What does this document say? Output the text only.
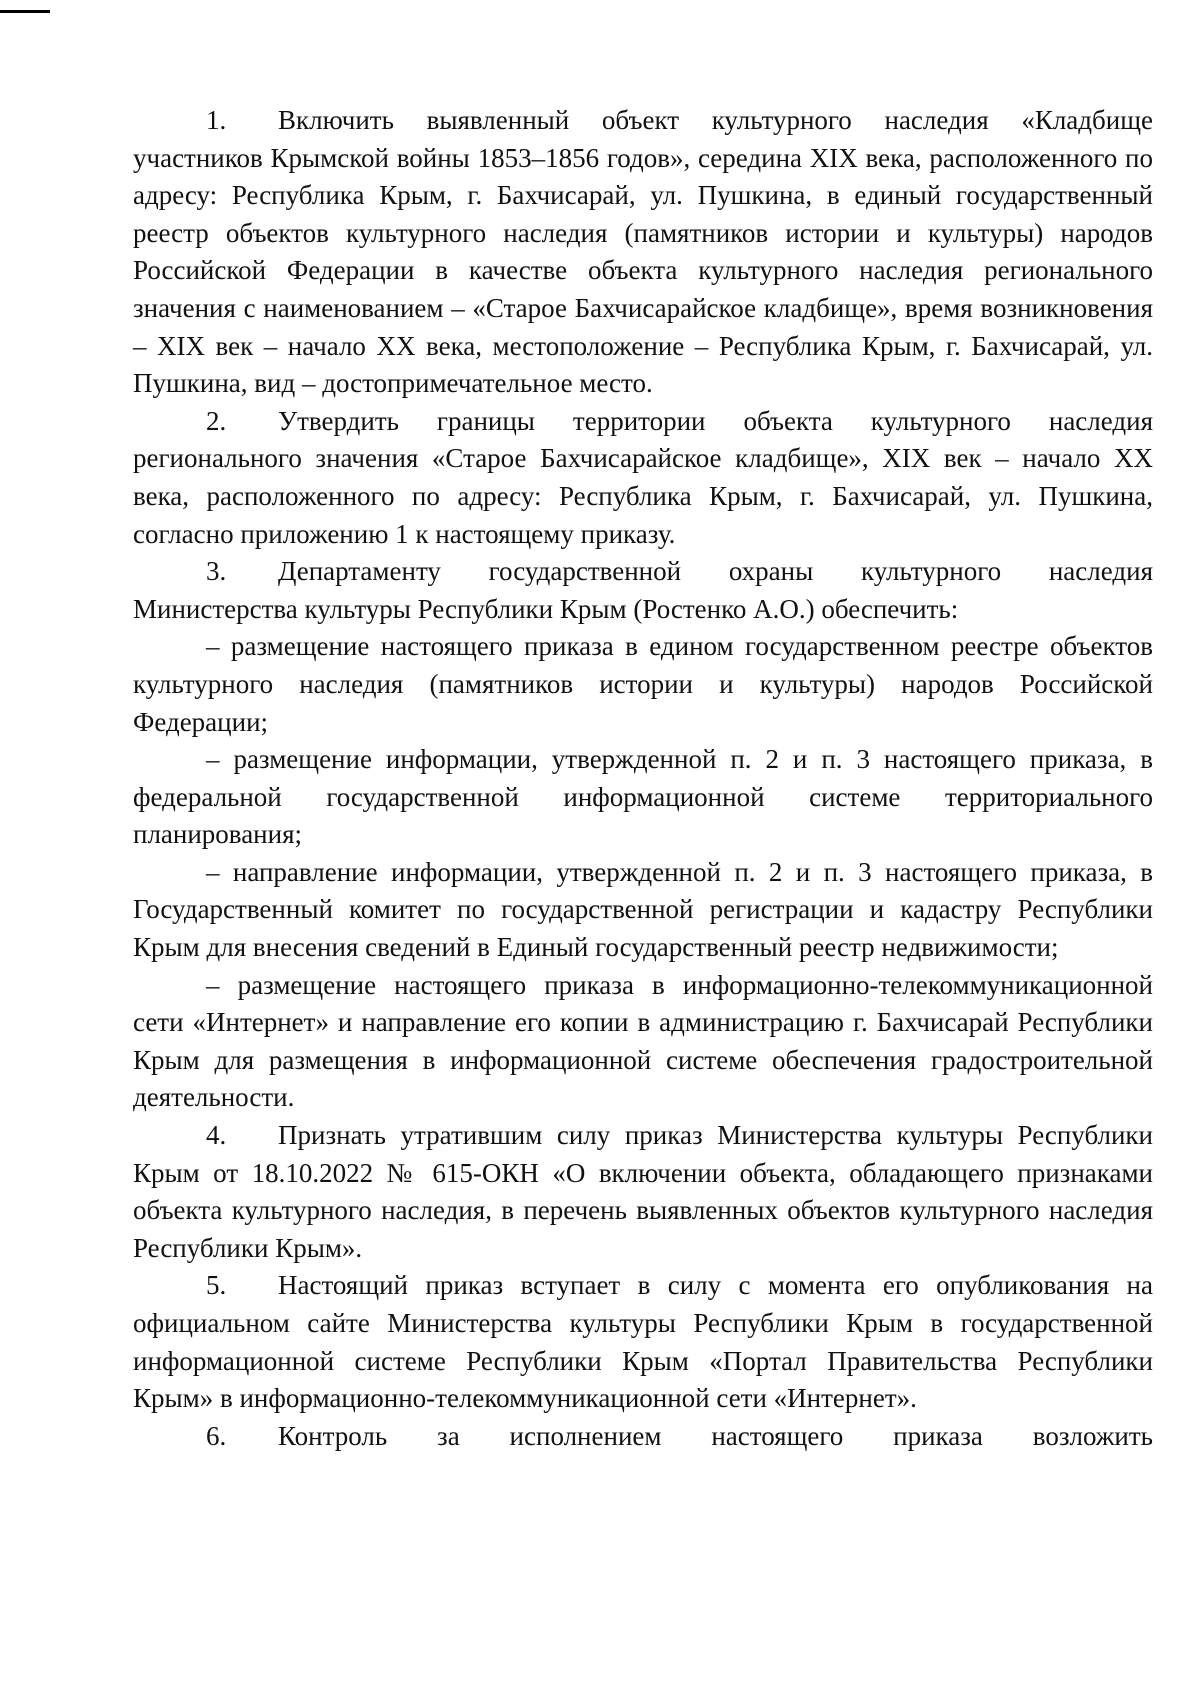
1. Включить выявленный объект культурного наследия «Кладбище участников Крымской войны 1853–1856 годов», середина XIX века, расположенного по адресу: Республика Крым, г. Бахчисарай, ул. Пушкина, в единый государственный реестр объектов культурного наследия (памятников истории и культуры) народов Российской Федерации в качестве объекта культурного наследия регионального значения с наименованием – «Старое Бахчисарайское кладбище», время возникновения – XIX век – начало XX века, местоположение – Республика Крым, г. Бахчисарай, ул. Пушкина, вид – достопримечательное место.

2. Утвердить границы территории объекта культурного наследия регионального значения «Старое Бахчисарайское кладбище», XIX век – начало XX века, расположенного по адресу: Республика Крым, г. Бахчисарай, ул. Пушкина, согласно приложению 1 к настоящему приказу.

3. Департаменту государственной охраны культурного наследия Министерства культуры Республики Крым (Ростенко А.О.) обеспечить:

– размещение настоящего приказа в едином государственном реестре объектов культурного наследия (памятников истории и культуры) народов Российской Федерации;

– размещение информации, утвержденной п. 2 и п. 3 настоящего приказа, в федеральной государственной информационной системе территориального планирования;

– направление информации, утвержденной п. 2 и п. 3 настоящего приказа, в Государственный комитет по государственной регистрации и кадастру Республики Крым для внесения сведений в Единый государственный реестр недвижимости;

– размещение настоящего приказа в информационно-телекоммуникационной сети «Интернет» и направление его копии в администрацию г. Бахчисарай Республики Крым для размещения в информационной системе обеспечения градостроительной деятельности.

4. Признать утратившим силу приказ Министерства культуры Республики Крым от 18.10.2022 № 615-ОКН «О включении объекта, обладающего признаками объекта культурного наследия, в перечень выявленных объектов культурного наследия Республики Крым».

5. Настоящий приказ вступает в силу с момента его опубликования на официальном сайте Министерства культуры Республики Крым в государственной информационной системе Республики Крым «Портал Правительства Республики Крым» в информационно-телекоммуникационной сети «Интернет».

6. Контроль за исполнением настоящего приказа возложить
